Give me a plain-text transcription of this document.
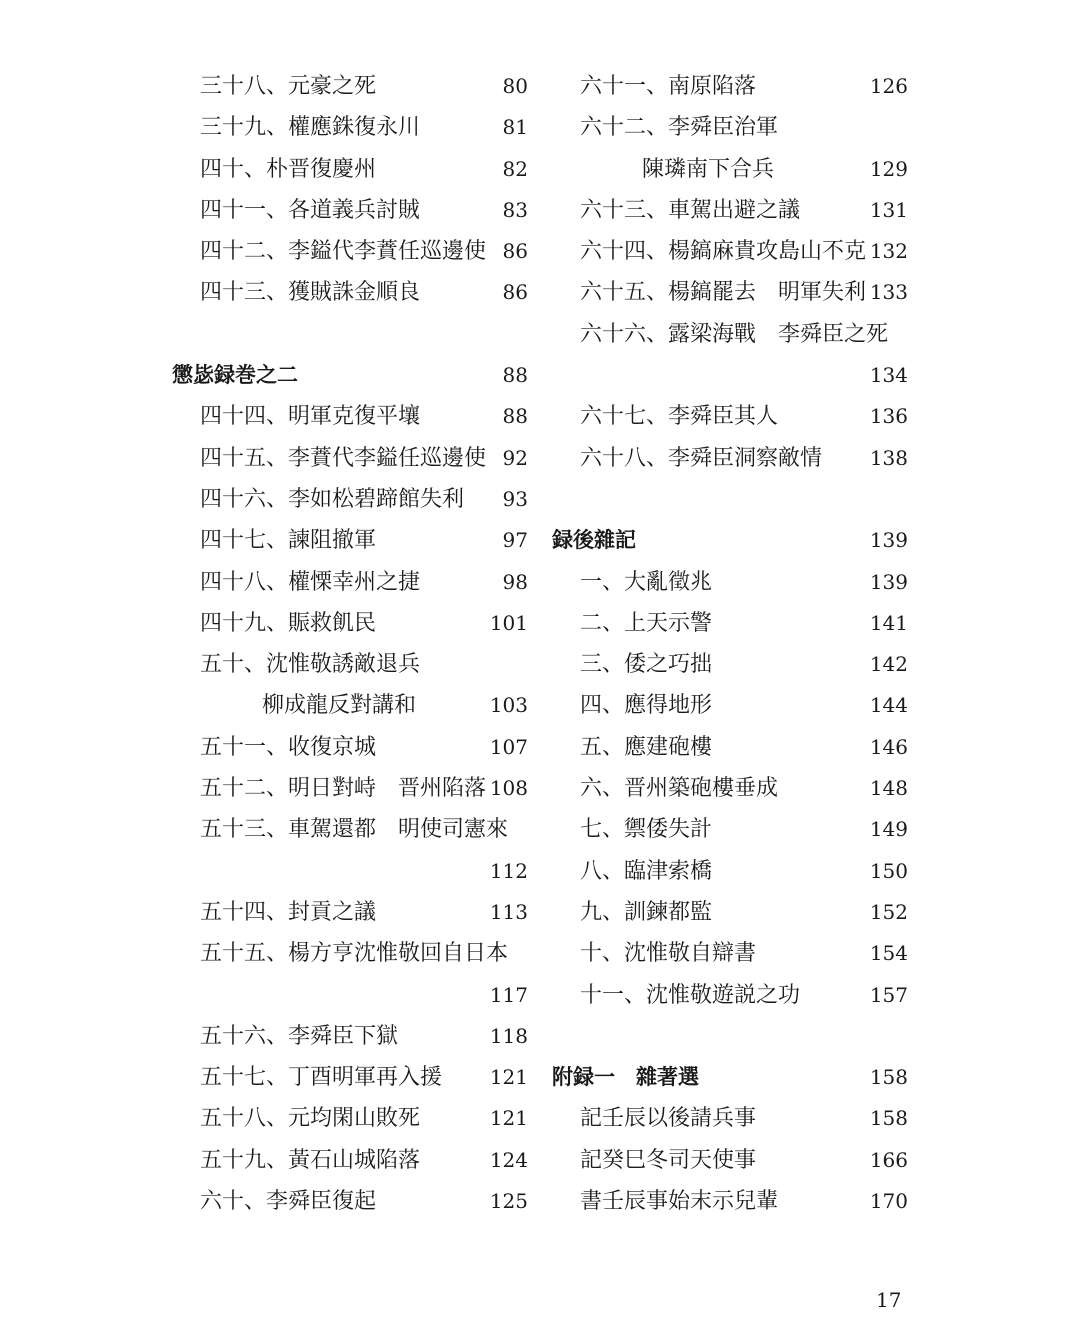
三十八、元豪之死	80
三十九、權應銖復永川	81
四十、朴晋復慶州	82
四十一、各道義兵討賊	83
四十二、李鎰代李蕡任巡邊使 86
四十三、獲賊誅金順良	86
懲毖録巻之二	88
四十四、明軍克復平壤	88
四十五、李蕡代李鎰任巡邊使 92
四十六、李如松碧蹄館失利 93
四十七、諫阻撤軍	97
四十八、權慄幸州之捷	98
四十九、賑救飢民	101
五十、沈惟敬誘敵退兵
柳成龍反對講和	103
五十一、收復京城	107
五十二、明日對峙　晋州陷落 108
五十三、車駕還都　明使司憲來
112
五十四、封貢之議	113
五十五、楊方亨沈惟敬回自日本
117
五十六、李舜臣下獄	118
五十七、丁酉明軍再入援 121
五十八、元均閑山敗死	121
五十九、黃石山城陷落	124
六十、李舜臣復起	125
六十一、南原陷落	126
六十二、李舜臣治軍
陳璘南下合兵	129
六十三、車駕出避之議	131
六十四、楊鎬麻貴攻島山不克 132
六十五、楊鎬罷去　明軍失利 133
六十六、露梁海戰　李舜臣之死
134
六十七、李舜臣其人	136
六十八、李舜臣洞察敵情 138
録後雜記	139
一、大亂徵兆	139
二、上天示警	141
三、倭之巧拙	142
四、應得地形	144
五、應建砲樓	146
六、晋州築砲樓垂成	148
七、禦倭失計	149
八、臨津索橋	150
九、訓鍊都監	152
十、沈惟敬自辯書	154
十一、沈惟敬遊説之功	157
附録一　雜著選	158
記壬辰以後請兵事	158
記癸巳冬司天使事	166
書壬辰事始末示兒輩	170
17
